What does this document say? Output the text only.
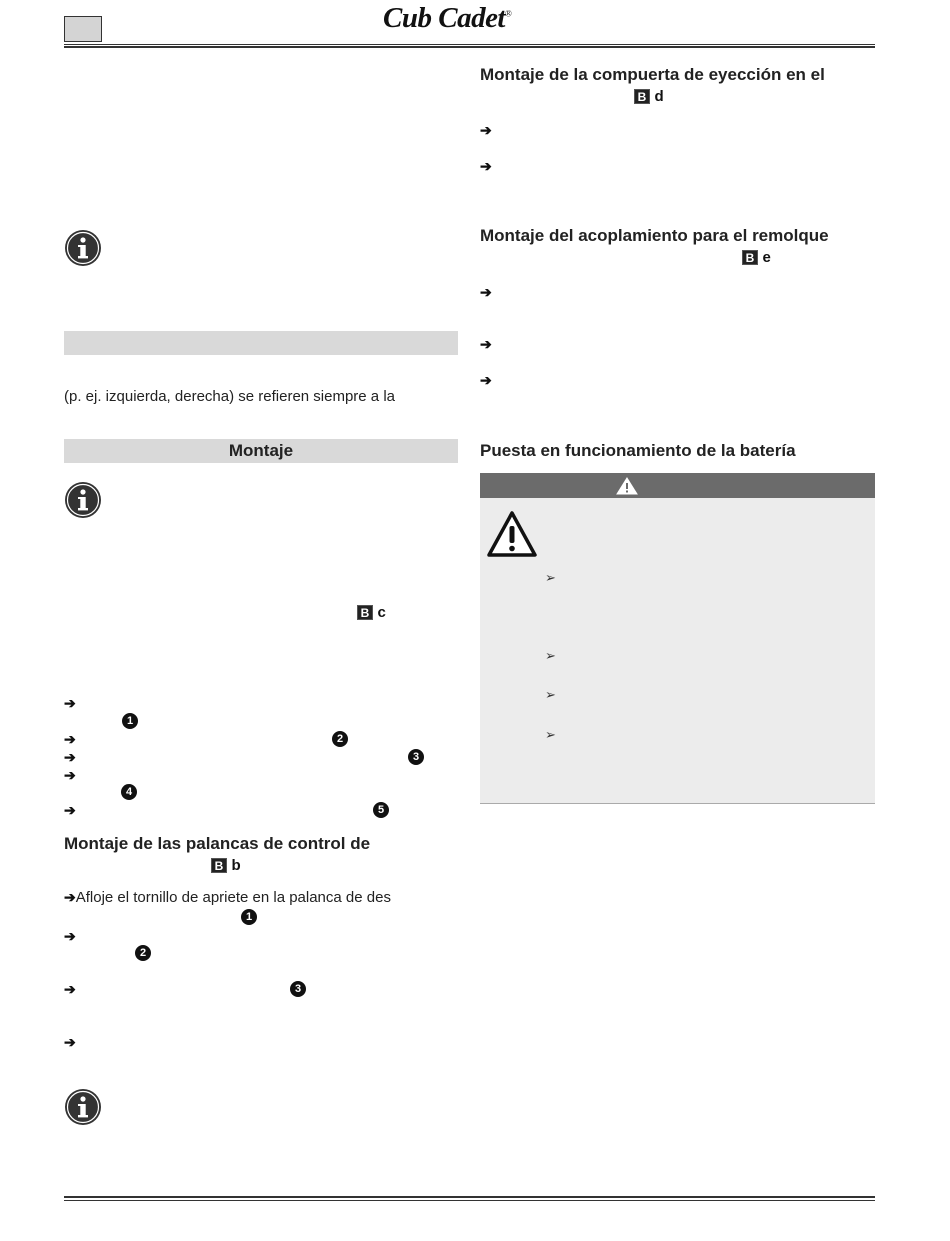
Cub Cadet®
(p. ej. izquierda, derecha) se refieren siempre a la
Montaje
B c
➔
1
➔	2
➔	3
➔
4
➔	5
Montaje de las palancas de control de
B b
➔Afloje el tornillo de apriete en la palanca de des
1
➔
2
➔	3
➔
Montaje de la compuerta de eyección en el
B d
➔
➔
Montaje del acoplamiento para el remolque
B e
➔
➔
➔
Puesta en funcionamiento de la batería
➢
➢
➢
➢
